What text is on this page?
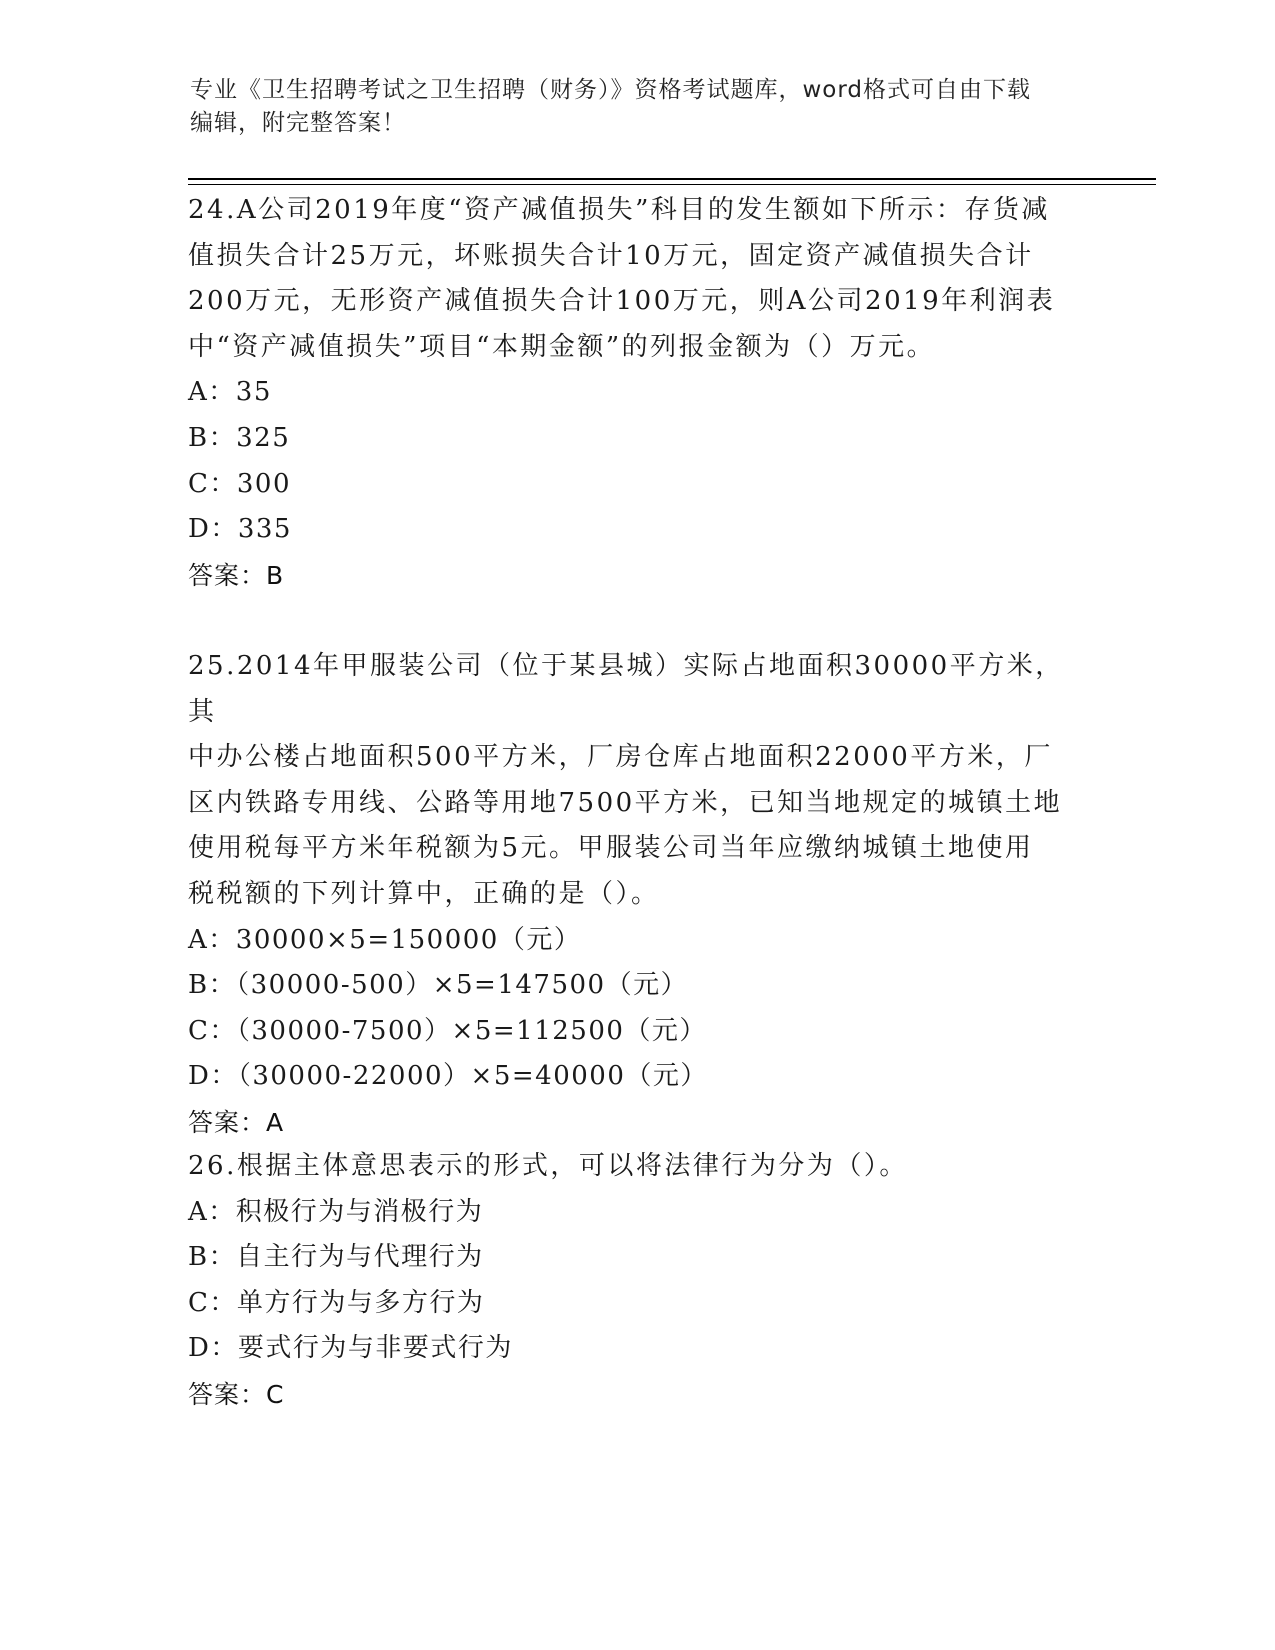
专业《卫生招聘考试之卫生招聘（财务）》资格考试题库，word格式可自由下载
编辑，附完整答案！
24.A公司2019年度“资产减值损失”科目的发生额如下所示：存货减
值损失合计25万元，坏账损失合计10万元，固定资产减值损失合计
200万元，无形资产减值损失合计100万元，则A公司2019年利润表
中“资产减值损失”项目“本期金额”的列报金额为（）万元。
A：35
B：325
C：300
D：335
答案：B
25.2014年甲服装公司（位于某县城）实际占地面积30000平方米，其
中办公楼占地面积500平方米，厂房仓库占地面积22000平方米，厂
区内铁路专用线、公路等用地7500平方米，已知当地规定的城镇土地
使用税每平方米年税额为5元。甲服装公司当年应缴纳城镇土地使用
税税额的下列计算中，正确的是（）。
A：30000×5=150000（元）
B：（30000-500）×5=147500（元）
C：（30000-7500）×5=112500（元）
D：（30000-22000）×5=40000（元）
答案：A
26.根据主体意思表示的形式，可以将法律行为分为（）。
A：积极行为与消极行为
B：自主行为与代理行为
C：单方行为与多方行为
D：要式行为与非要式行为
答案：C
